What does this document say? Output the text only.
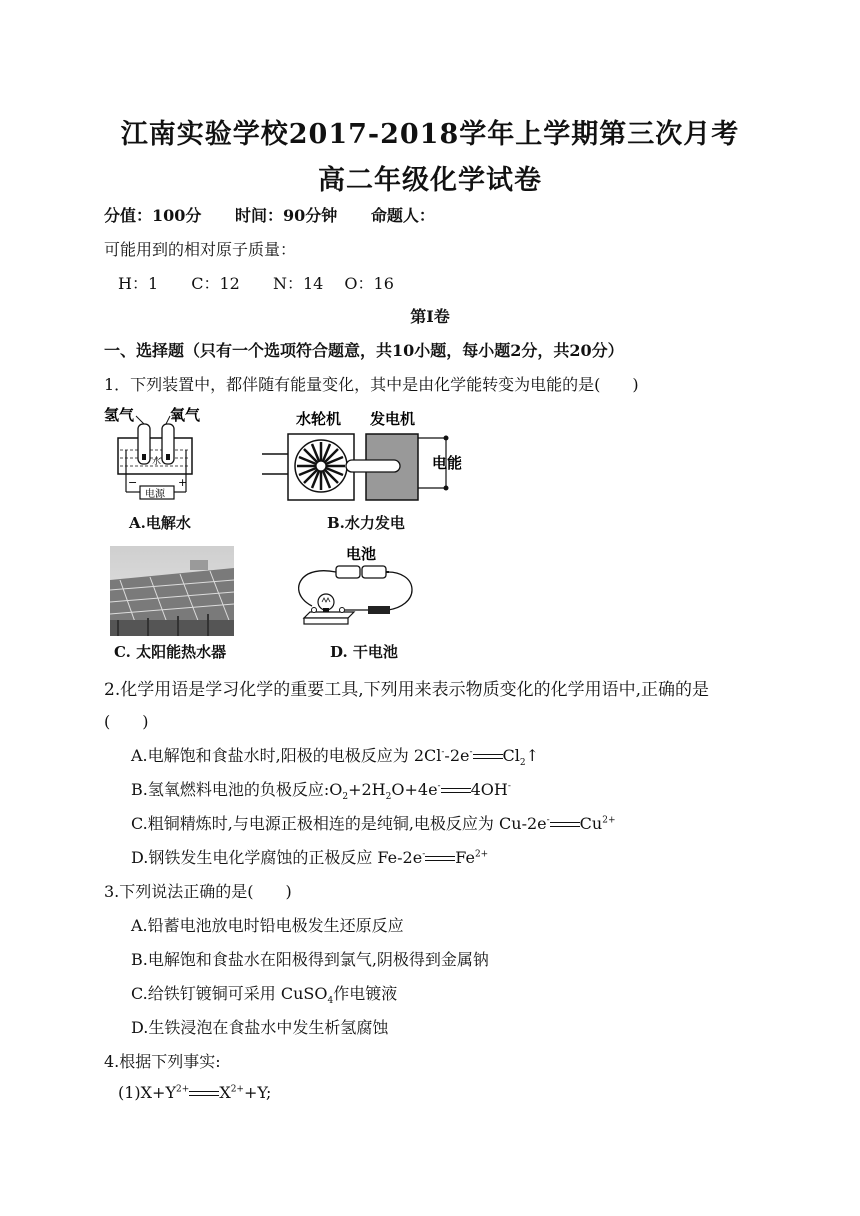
江南实验学校2017-2018学年上学期第三次月考
高二年级化学试卷
分值：100分 时间：90分钟 命题人：
可能用到的相对原子质量：
H：1 C：12 N：14 O：16
第Ⅰ卷
一、选择题（只有一个选项符合题意，共10小题，每小题2分，共20分）
1．下列装置中，都伴随有能量变化，其中是由化学能转变为电能的是(　　)
氢气 氧气
水
电源
−	+
A.电解水
水轮机 发电机
电能
B.水力发电
C. 太阳能热水器
电池
D. 干电池
2.化学用语是学习化学的重要工具,下列用来表示物质变化的化学用语中,正确的是
(　　)
A.电解饱和食盐水时,阳极的电极反应为 2Cl--2e- $Cl_2↑$
B.氢氧燃料电池的负极反应$:O_2+2H_2O+4e^-$ 4OH-
C.粗铜精炼时,与电源正极相连的是纯铜,电极反应为 Cu-2e- $Cu^{2+}$
D.钢铁发生电化学腐蚀的正极反应 Fe-2e- $Fe^{2+}$
3.下列说法正确的是(　　)
A.铅蓄电池放电时铅电极发生还原反应
B.电解饱和食盐水在阳极得到氯气,阴极得到金属钠
C.给铁钉镀铜可采用 CuSO$_4$作电镀液
D.生铁浸泡在食盐水中发生析氢腐蚀
4.根据下列事实:
$(1)X+Y^{2+}$ $X^{2+}+Y$;
